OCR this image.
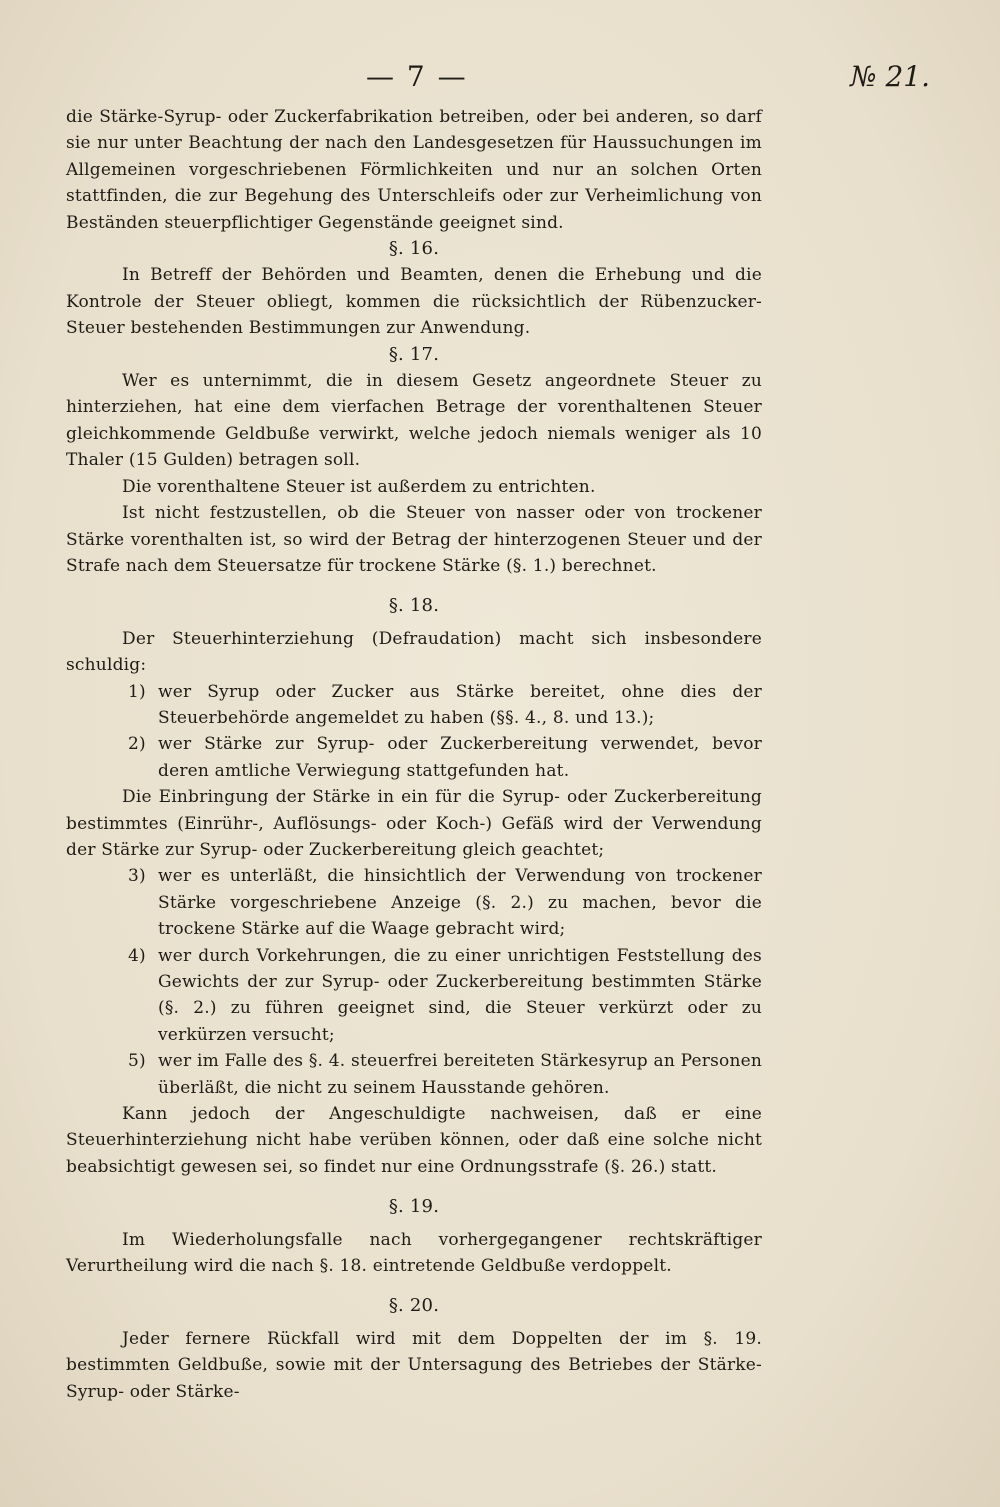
— 7 —	№ 21.

die Stärke-Syrup- oder Zuckerfabrikation betreiben, oder bei anderen, so darf sie nur unter Beachtung der nach den Landesgesetzen für Haussuchungen im Allgemeinen vorgeschriebenen Förmlichkeiten und nur an solchen Orten stattfinden, die zur Begehung des Unterschleifs oder zur Verheimlichung von Beständen steuerpflichtiger Gegenstände geeignet sind.

§. 16.

In Betreff der Behörden und Beamten, denen die Erhebung und die Kontrole der Steuer obliegt, kommen die rücksichtlich der Rübenzucker-Steuer bestehenden Bestimmungen zur Anwendung.

§. 17.

Wer es unternimmt, die in diesem Gesetz angeordnete Steuer zu hinterziehen, hat eine dem vierfachen Betrage der vorenthaltenen Steuer gleichkommende Geldbuße verwirkt, welche jedoch niemals weniger als 10 Thaler (15 Gulden) betragen soll.

Die vorenthaltene Steuer ist außerdem zu entrichten.

Ist nicht festzustellen, ob die Steuer von nasser oder von trockener Stärke vorenthalten ist, so wird der Betrag der hinterzogenen Steuer und der Strafe nach dem Steuersatze für trockene Stärke (§. 1.) berechnet.

§. 18.

Der Steuerhinterziehung (Defraudation) macht sich insbesondere schuldig:

1) wer Syrup oder Zucker aus Stärke bereitet, ohne dies der Steuerbehörde angemeldet zu haben (§§. 4., 8. und 13.);
2) wer Stärke zur Syrup- oder Zuckerbereitung verwendet, bevor deren amtliche Verwiegung stattgefunden hat.

Die Einbringung der Stärke in ein für die Syrup- oder Zuckerbereitung bestimmtes (Einrühr-, Auflösungs- oder Koch-) Gefäß wird der Verwendung der Stärke zur Syrup- oder Zuckerbereitung gleich geachtet;

3) wer es unterläßt, die hinsichtlich der Verwendung von trockener Stärke vorgeschriebene Anzeige (§. 2.) zu machen, bevor die trockene Stärke auf die Waage gebracht wird;
4) wer durch Vorkehrungen, die zu einer unrichtigen Feststellung des Gewichts der zur Syrup- oder Zuckerbereitung bestimmten Stärke (§. 2.) zu führen geeignet sind, die Steuer verkürzt oder zu verkürzen versucht;
5) wer im Falle des §. 4. steuerfrei bereiteten Stärkesyrup an Personen überläßt, die nicht zu seinem Hausstande gehören.

Kann jedoch der Angeschuldigte nachweisen, daß er eine Steuerhinterziehung nicht habe verüben können, oder daß eine solche nicht beabsichtigt gewesen sei, so findet nur eine Ordnungsstrafe (§. 26.) statt.

§. 19.

Im Wiederholungsfalle nach vorhergegangener rechtskräftiger Verurtheilung wird die nach §. 18. eintretende Geldbuße verdoppelt.

§. 20.

Jeder fernere Rückfall wird mit dem Doppelten der im §. 19. bestimmten Geldbuße, sowie mit der Untersagung des Betriebes der Stärke-Syrup- oder Stärke-
